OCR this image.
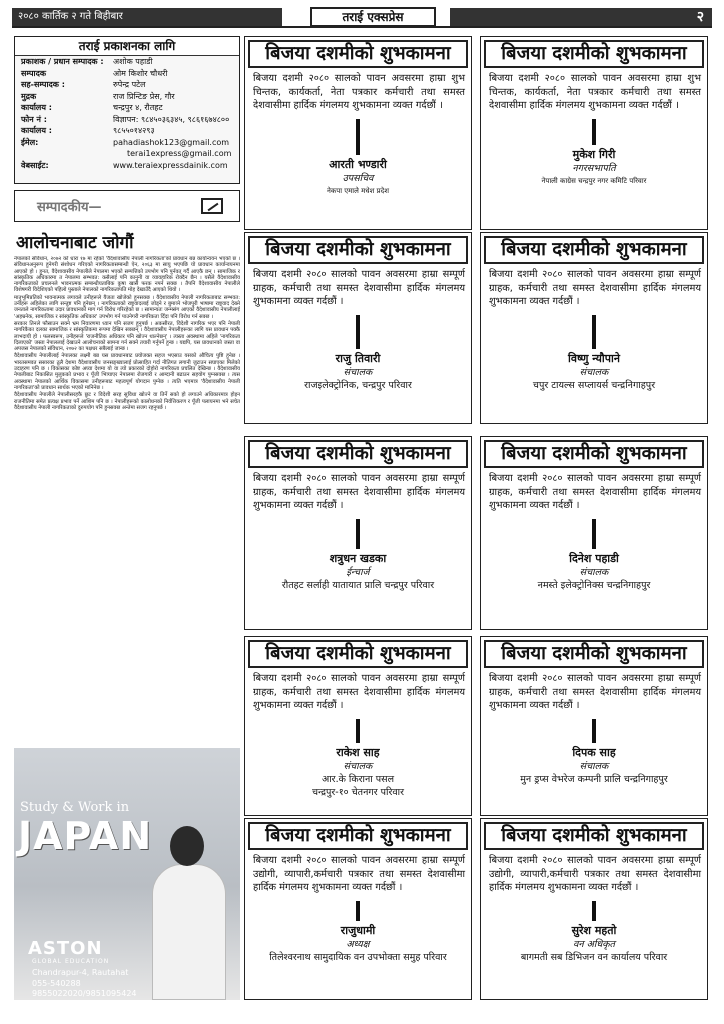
२०८० कार्तिक २ गते बिहीबार	तराई एक्सप्रेस	२
तराई प्रकाशनका लागि
प्रकाशक / प्रधान सम्पादक :	अशोक पहाडी
सम्पादक	ओम किशोर चौधरी
सह-सम्पादक :	रुपेन्द्र पटेल
मुद्रक	राज प्रिन्टिङ प्रेस, गौर
कार्यालय :	चन्द्रपुर ४, रौतहट
फोन नं :	विज्ञापन: ९८४५०३६३४५, ९८६१६७४८००
कार्यालय :	९८५५०१४२९३
ईमेल:	pahadiashok123@gmail.com
terai1express@gmail.com
वेबसाईट:	www.teraiexpressdainik.com
सम्पादकीय—
आलोचनाबाट जोगौं

नेपालको संविधान, २०७२ को धारा १७ मा रहेको 'वैदेशावासीय नेपाली नागरिकता'को प्रावधान बन्न कार्यान्वयन भएको छ । संविधानअनुरूप हुनेगरी संशोधन गरिएको नागरिकतासम्बन्धी ऐन, २०६३ मा सायु भएपछि यो प्रावधान कार्यान्वयनमा आएको हो । हुनत, वैदेशावासीय नेपालीले नेपालमा भएको सम्पत्तिको उपभोग पनि पुर्नवत् गर्दै आएकै छन् । सामाजिक र सांस्कृतिक अधिकारमा त नेपालमा सम्भवत: कसैलाई पनि कानुनी वा व्यावहारिक रोक्दैन छैन । यसैले वैदेशावासीय नागरिकताको प्रचलनले भावनात्मक सम्बन्धीयताबिक कुषा खासै फरक नपर्न सक्छ । तैपनि वैदेशावासीय नेपालीले विशेषगरी विदेशिएको पहिलो पुस्ताले नेपालको नागरिकतापति मोह देखाउँदै आएको थियो ।

मातृभूमिप्रतिको भावनात्मक लगावले उनीहरूले यैजता खोजेको हुनसक्छ । वैदेशावासीय नेपाली नागरिकताबाट सम्भवत: उनीहरू अहिलेका लागि सन्तुष्ट पनि हुनेछन् । नागरिकताको राष्ट्रवादलाई जोड्ने र बुमाव्ने भोजपुरी भाषामा राष्ट्रवाद देख्ने जनताले नागरिकतामा उदार प्रावधानको माग गर्न विरोध गरिरहेको छ । सामान्यतः जन्मसंग आएको वैदेशावासीय नेपालीलाई 'अहम्रनेक, सामाजिक र सांस्कृतिक अधिकार' उपभोग गर्न पाउनेगरी नागरिकता दिँदा पनि विरोध गर्न सक्छ ।

सरकार तिनले फौसाउन सक्ने भ्रम निवारणमा ध्यान पनि सजग हुनुपर्छ । अकसीरत, विदेशी नागरिक भएर पनि नेपाली नागरिकैका दलका सामाजिक र सांस्कृतिकमा रूपमा देखिन सक्छन् । वैदेशावासीय नेपालीहरूका लागि यस प्रावधान पक्कै लाभदायी हो । फलस्वरूप, उनीहरूले 'राजनीतिक अधिकार पनि खोज्न थाल्नेछन्' । त्यस्ता अवस्थामा अहिले 'नागरिकता दिलाएको' जस्ता नेपाललाई देखाउने आलोचनाको सामना गर्न सक्ने तयारी गर्नुपर्ने हुन्छ । यद्यपि, यस प्रावधानको जस्ता वा अपजस नेपालको संविधान, २०७२ का पक्षधर सबैलाई जान्छ ।

वैदेशावासीय नेपालीलाई नेपालका लक्ष्मी बन्न यस प्रावधानबाट प्रयोजक्त सहज भएसाउ यसको औचित्य पुष्टि हुनेछ । भारतसमवत ससारका ठूलै देशमा वैदेशावासीय जनसङ्ख्यालाई प्रोत्साहित गर्दा नीतिगत लगानी जुटाउन सघाएका मिलेको उदाहरण पनि छ । विकासका कोष्ट अघ्या देशमा यो वा त्यो प्रकारको दोहोरो नागरिकता प्रचलित देखिन्छ । वैदेशावासीय नेपालीबाट निकासित मुलुकको प्रभाव र पूँजी भित्र्याएर नेपालमा रोजगारी र आम्दानी बढाउन सहयोग पुग्नसक्छ । त्यस अवस्थामा नेपालको आर्थिक विकासमा उनीहरूबाट महत्वपूर्ण योगदान पुग्नेछ । त्यति भएमात्र 'वैदेशावासीय नेपाली नागरिकता'को प्रावधान सार्थक भएको मानिनेछ ।

वैदेशावासीय नेपालीले नेपालीसरहकै छुट र विदेशी सरह सुविधा खोज्ने वा तिर्ने सको हो लगाउने अधिकारमात्र होइन राजनीतिमा समेत प्रत्यक्ष प्रभाव पर्ने आशिम पनि छ । नेपालीहरूको कालोधनको निर्वत्तिकरण र पूँजी पलायनमा भने सचेत वैदेशावासीय नेपाली नागरिकताको दुरुपयोग पनि हुनसक्छ अन्तेमा सजग रहनुपर्छ ।

Study & Work in
JAPAN
ASTON
GLOBAL EDUCATION
Chandrapur-4, Rautahat
055-540288
9855022020/9851095424
बिजया दशमीको शुभकामना
बिजया दशमी २०८० सालको पावन अवसरमा हाम्रा शुभ चिन्तक, कार्यकर्ता, नेता पत्रकार कर्मचारी तथा समस्त देशवासीमा हार्दिक मंगलमय शुभकामना व्यक्त गर्दछौं ।
आरती भण्डारी
उपसचिव
नेकपा एमाले मधेश प्रदेश
बिजया दशमीको शुभकामना
बिजया दशमी २०८० सालको पावन अवसरमा हाम्रा शुभ चिन्तक, कार्यकर्ता, नेता पत्रकार कर्मचारी तथा समस्त देशवासीमा हार्दिक मंगलमय शुभकामना व्यक्त गर्दछौं ।
मुकेश गिरी
नगरसभापति
नेपाली काग्रेस चन्द्रपुर नगर कमिटि परिवार
बिजया दशमीको शुभकामना
बिजया दशमी २०८० सालको पावन अवसरमा हाम्रा सम्पूर्ण ग्राहक, कर्मचारी तथा समस्त देशवासीमा हार्दिक मंगलमय शुभकामना व्यक्त गर्दछौं ।
राजु तिवारी
संचालक
राजइलेक्ट्रोनिक, चन्द्रपुर परिवार
बिजया दशमीको शुभकामना
बिजया दशमी २०८० सालको पावन अवसरमा हाम्रा सम्पूर्ण ग्राहक, कर्मचारी तथा समस्त देशवासीमा हार्दिक मंगलमय शुभकामना व्यक्त गर्दछौं ।
विष्णु न्यौपाने
संचालक
चपुर टायल्स सप्लायर्स चन्द्रनिगाहपुर
बिजया दशमीको शुभकामना
बिजया दशमी २०८० सालको पावन अवसरमा हाम्रा सम्पूर्ण ग्राहक, कर्मचारी तथा समस्त देशवासीमा हार्दिक मंगलमय शुभकामना व्यक्त गर्दछौं ।
शत्रुधन खडका
ईन्चार्ज
रौतहट सर्लाही यातायात प्रालि चन्द्रपुर परिवार
बिजया दशमीको शुभकामना
बिजया दशमी २०८० सालको पावन अवसरमा हाम्रा सम्पूर्ण ग्राहक, कर्मचारी तथा समस्त देशवासीमा हार्दिक मंगलमय शुभकामना व्यक्त गर्दछौं ।
दिनेश पहाडी
संचालक
नमस्ते इलेक्ट्रोनिक्स चन्द्रनिगाहपुर
बिजया दशमीको शुभकामना
बिजया दशमी २०८० सालको पावन अवसरमा हाम्रा सम्पूर्ण ग्राहक, कर्मचारी तथा समस्त देशवासीमा हार्दिक मंगलमय शुभकामना व्यक्त गर्दछौं ।
राकेश साह
संचालक
आर.के किराना पसल
चन्द्रपुर-१० चेतनगर परिवार
बिजया दशमीको शुभकामना
बिजया दशमी २०८० सालको पावन अवसरमा हाम्रा सम्पूर्ण ग्राहक, कर्मचारी तथा समस्त देशवासीमा हार्दिक मंगलमय शुभकामना व्यक्त गर्दछौं ।
दिपक साह
संचालक
मुन ड्रप्स वेभरेज कम्पनी प्रालि चन्द्रनिगाहपुर
बिजया दशमीको शुभकामना
बिजया दशमी २०८० सालको पावन अवसरमा हाम्रा सम्पूर्ण उद्योगी, व्यापारी,कर्मचारी पत्रकार तथा समस्त देशवासीमा हार्दिक मंगलमय शुभकामना व्यक्त गर्दछौं ।
राजुधामी
अध्यक्ष
तिलेश्वरनाथ सामुदायिक वन उपभोक्ता समुह परिवार
बिजया दशमीको शुभकामना
बिजया दशमी २०८० सालको पावन अवसरमा हाम्रा सम्पूर्ण उद्योगी, व्यापारी,कर्मचारी पत्रकार तथा समस्त देशवासीमा हार्दिक मंगलमय शुभकामना व्यक्त गर्दछौं ।
सुरेश महतो
वन अधिकृत
बागमती सब डिभिजन वन कार्यालय परिवार
